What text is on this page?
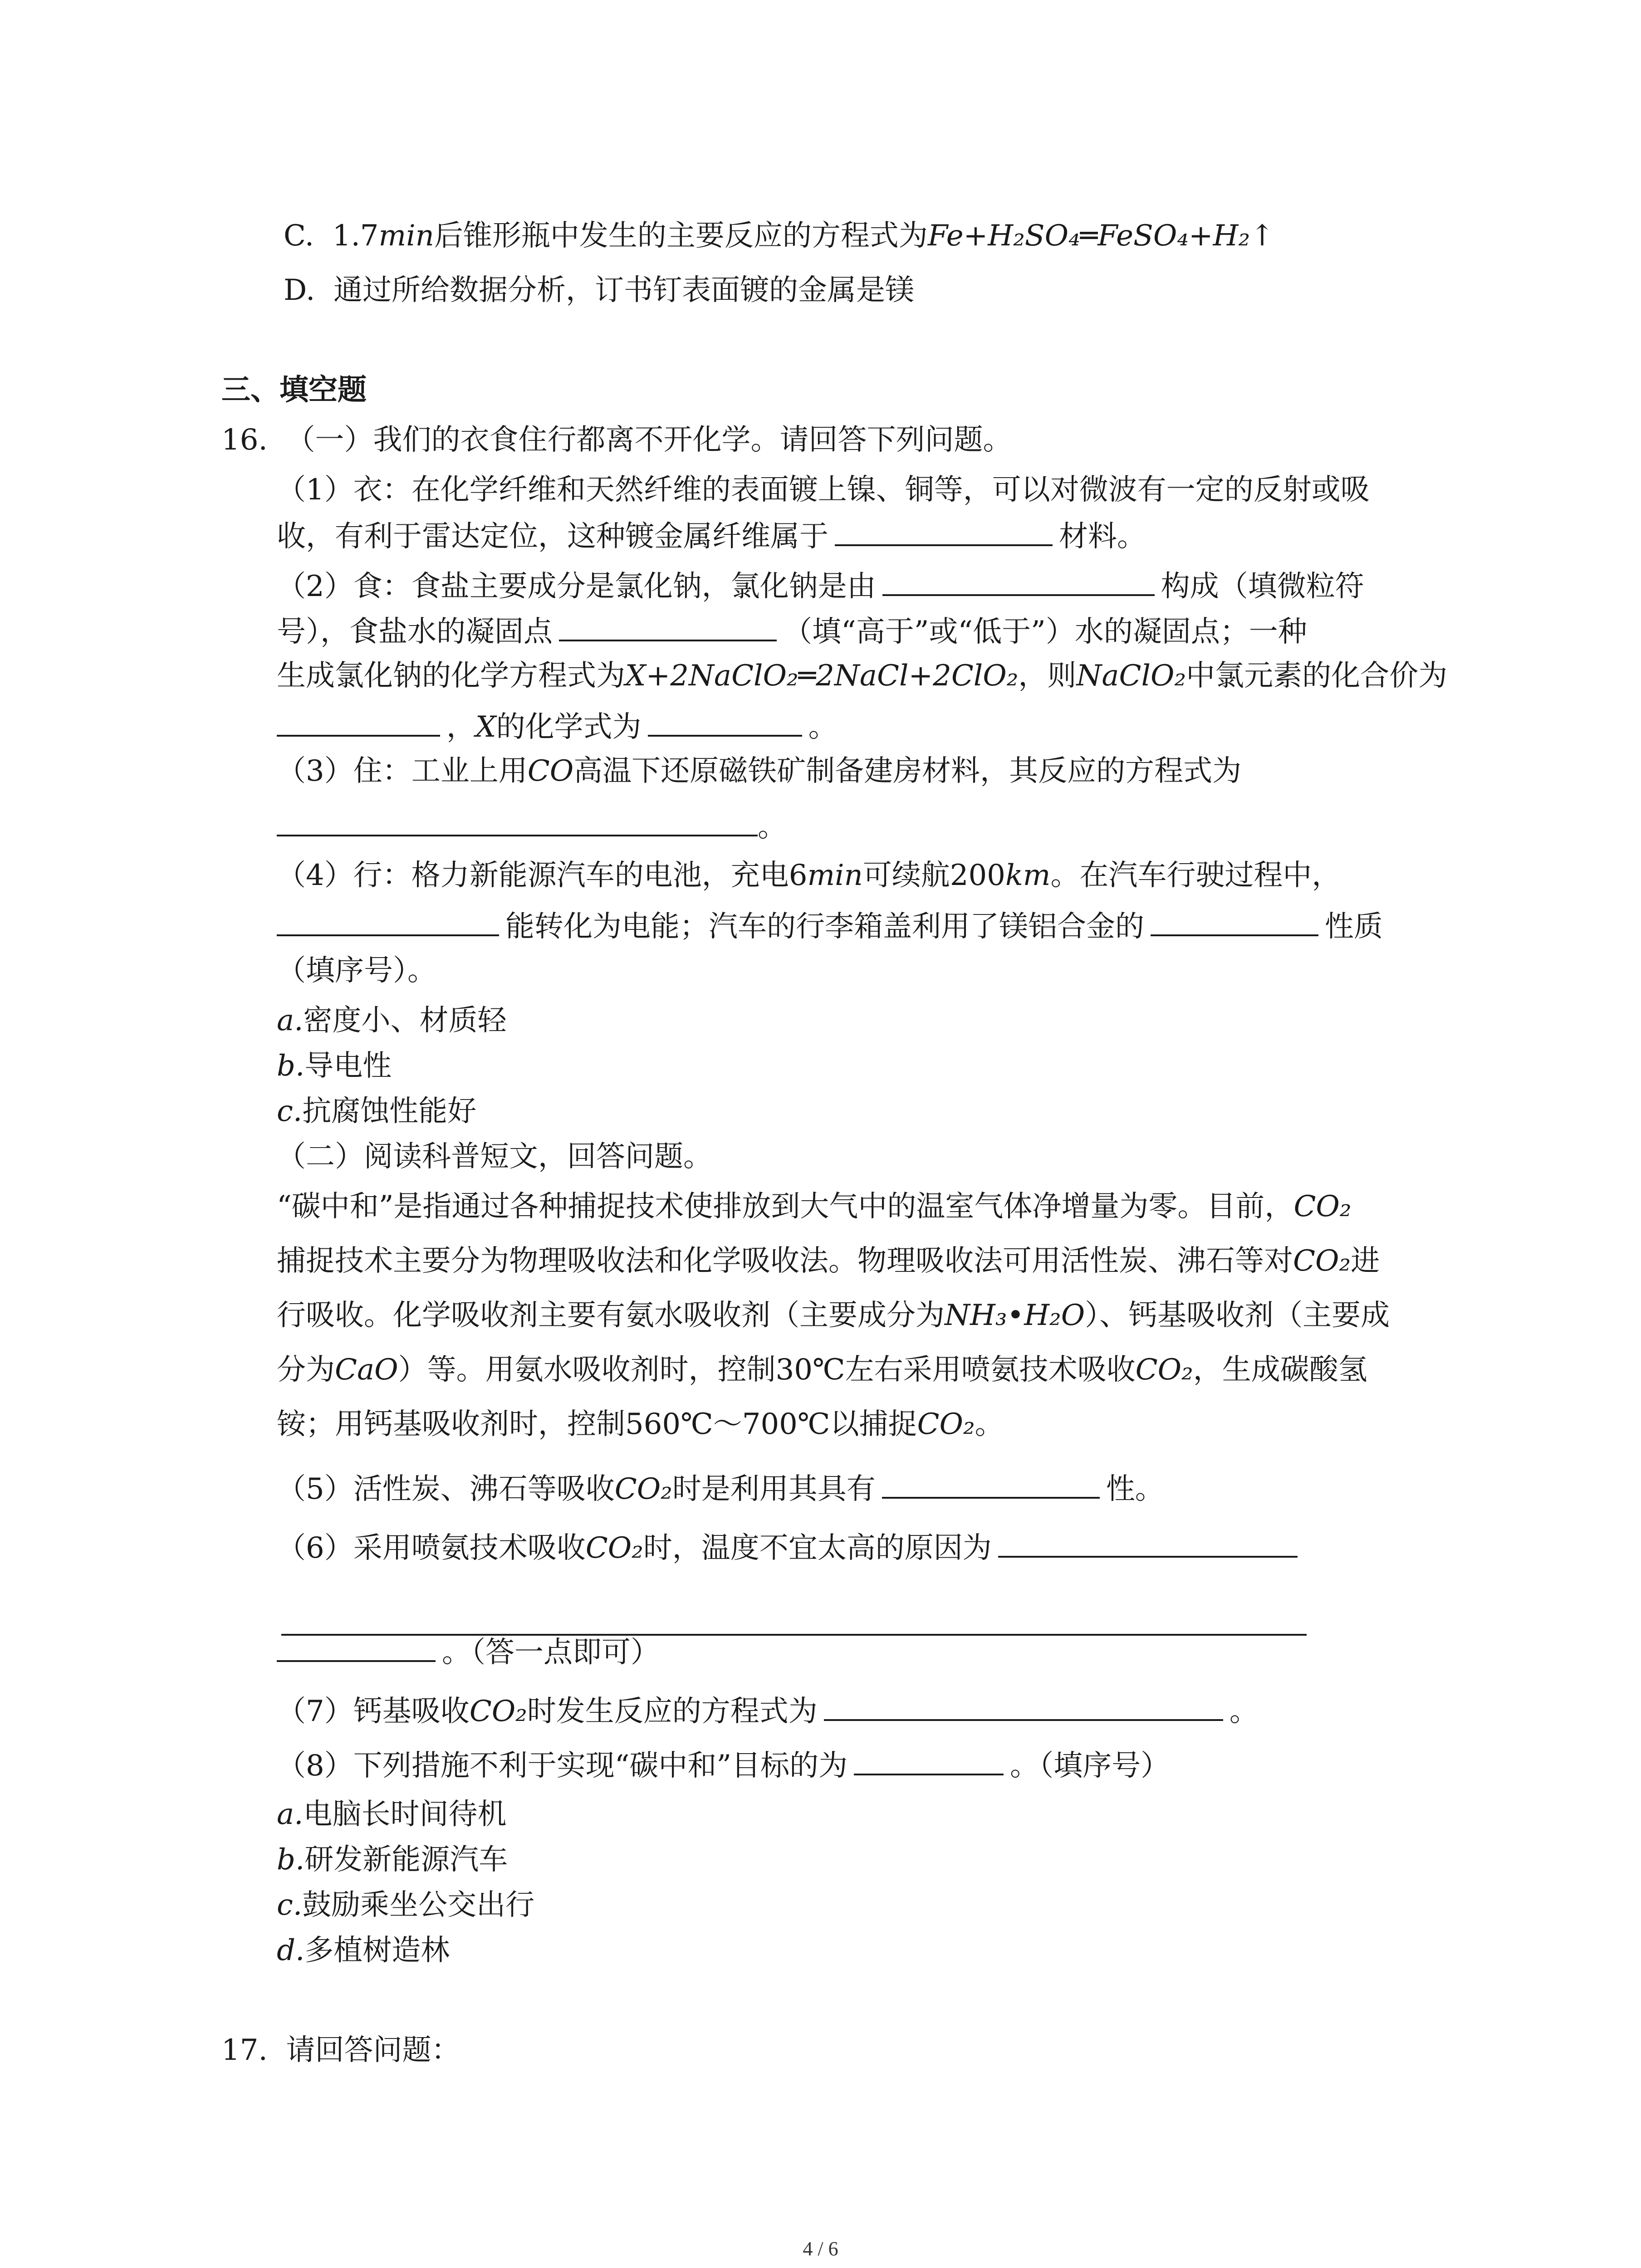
C. 1.7min后锥形瓶中发生的主要反应的方程式为Fe+H₂SO₄═FeSO₄+H₂↑
D. 通过所给数据分析，订书钉表面镀的金属是镁
三、填空题
16. （一）我们的衣食住行都离不开化学。请回答下列问题。
（1）衣：在化学纤维和天然纤维的表面镀上镍、铜等，可以对微波有一定的反射或吸
收，有利于雷达定位，这种镀金属纤维属于	材料。
（2）食：食盐主要成分是氯化钠，氯化钠是由	构成（填微粒符
号），食盐水的凝固点	（填“高于”或“低于”）水的凝固点；一种
生成氯化钠的化学方程式为X+2NaClO₂═2NaCl+2ClO₂，则NaClO₂中氯元素的化合价为
，X的化学式为	。
（3）住：工业上用CO高温下还原磁铁矿制备建房材料，其反应的方程式为
。
（4）行：格力新能源汽车的电池，充电6min可续航200km。在汽车行驶过程中，
能转化为电能；汽车的行李箱盖利用了镁铝合金的	性质
（填序号）。
a.密度小、材质轻
b.导电性
c.抗腐蚀性能好
（二）阅读科普短文，回答问题。
“碳中和”是指通过各种捕捉技术使排放到大气中的温室气体净增量为零。目前，CO₂
捕捉技术主要分为物理吸收法和化学吸收法。物理吸收法可用活性炭、沸石等对CO₂进
行吸收。化学吸收剂主要有氨水吸收剂（主要成分为NH₃•H₂O）、钙基吸收剂（主要成
分为CaO）等。用氨水吸收剂时，控制30℃左右采用喷氨技术吸收CO₂，生成碳酸氢
铵；用钙基吸收剂时，控制560℃～700℃以捕捉CO₂。
（5）活性炭、沸石等吸收CO₂时是利用其具有	性。
（6）采用喷氨技术吸收CO₂时，温度不宜太高的原因为
。（答一点即可）
（7）钙基吸收CO₂时发生反应的方程式为	。
（8）下列措施不利于实现“碳中和”目标的为	。（填序号）
a.电脑长时间待机
b.研发新能源汽车
c.鼓励乘坐公交出行
d.多植树造林
17. 请回答问题：
4 / 6
